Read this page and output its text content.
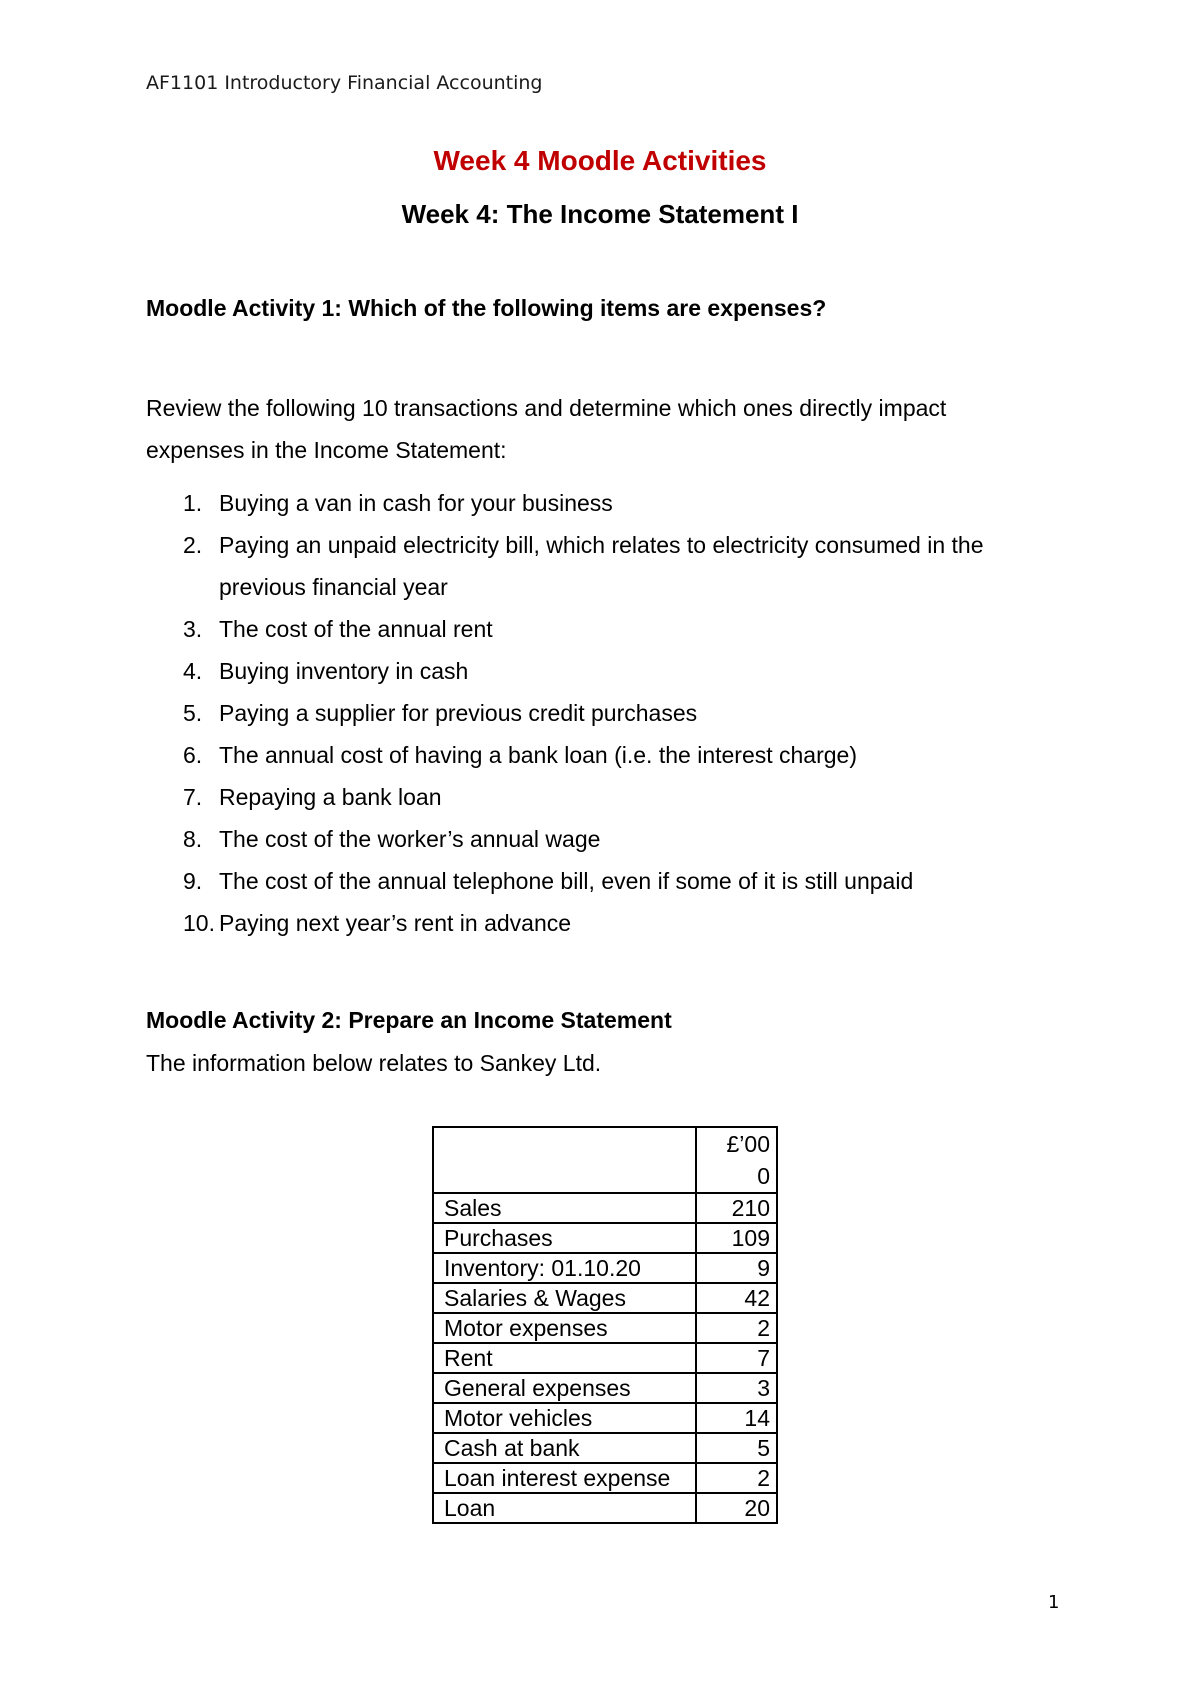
AF1101 Introductory Financial Accounting
Week 4 Moodle Activities
Week 4: The Income Statement I
Moodle Activity 1: Which of the following items are expenses?
Review the following 10 transactions and determine which ones directly impact expenses in the Income Statement:
1. Buying a van in cash for your business
2. Paying an unpaid electricity bill, which relates to electricity consumed in the previous financial year
3. The cost of the annual rent
4. Buying inventory in cash
5. Paying a supplier for previous credit purchases
6. The annual cost of having a bank loan (i.e. the interest charge)
7. Repaying a bank loan
8. The cost of the worker’s annual wage
9. The cost of the annual telephone bill, even if some of it is still unpaid
10. Paying next year’s rent in advance
Moodle Activity 2: Prepare an Income Statement
The information below relates to Sankey Ltd.

	£’000

Sales	210
Purchases	109
Inventory: 01.10.20	9
Salaries & Wages	42
Motor expenses	2
Rent	7
General expenses	3
Motor vehicles	14
Cash at bank	5
Loan interest expense	2
Loan	20
1
